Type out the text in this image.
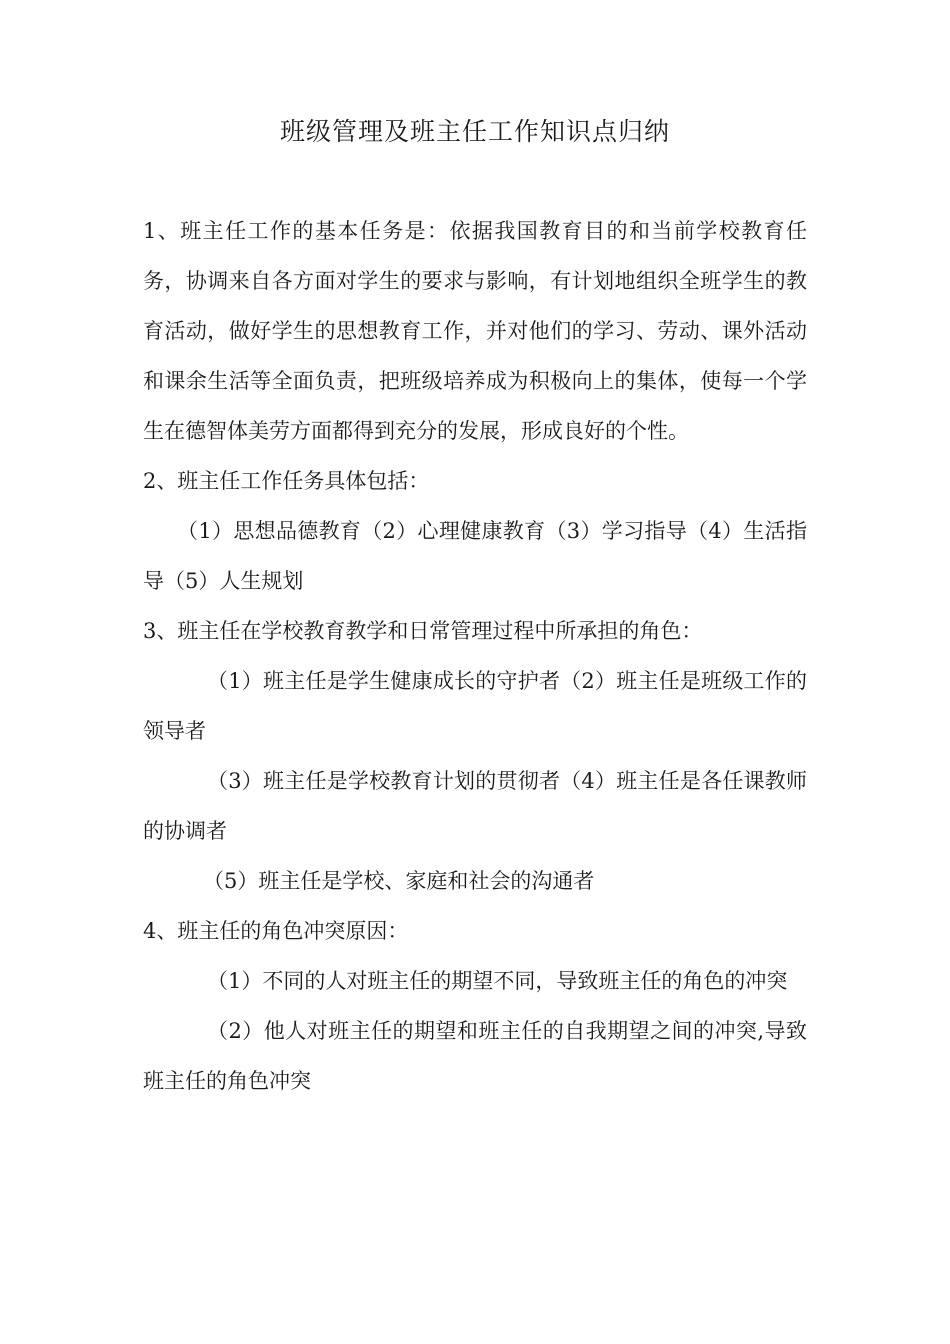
班级管理及班主任工作知识点归纳

1、班主任工作的基本任务是：依据我国教育目的和当前学校教育任务，协调来自各方面对学生的要求与影响，有计划地组织全班学生的教育活动，做好学生的思想教育工作，并对他们的学习、劳动、课外活动和课余生活等全面负责，把班级培养成为积极向上的集体，使每一个学生在德智体美劳方面都得到充分的发展，形成良好的个性。

2、班主任工作任务具体包括：

（1）思想品德教育（2）心理健康教育（3）学习指导（4）生活指导（5）人生规划

3、班主任在学校教育教学和日常管理过程中所承担的角色：

（1）班主任是学生健康成长的守护者（2）班主任是班级工作的领导者

（3）班主任是学校教育计划的贯彻者（4）班主任是各任课教师的协调者

（5）班主任是学校、家庭和社会的沟通者

4、班主任的角色冲突原因：

（1）不同的人对班主任的期望不同，导致班主任的角色的冲突

（2）他人对班主任的期望和班主任的自我期望之间的冲突,导致班主任的角色冲突
